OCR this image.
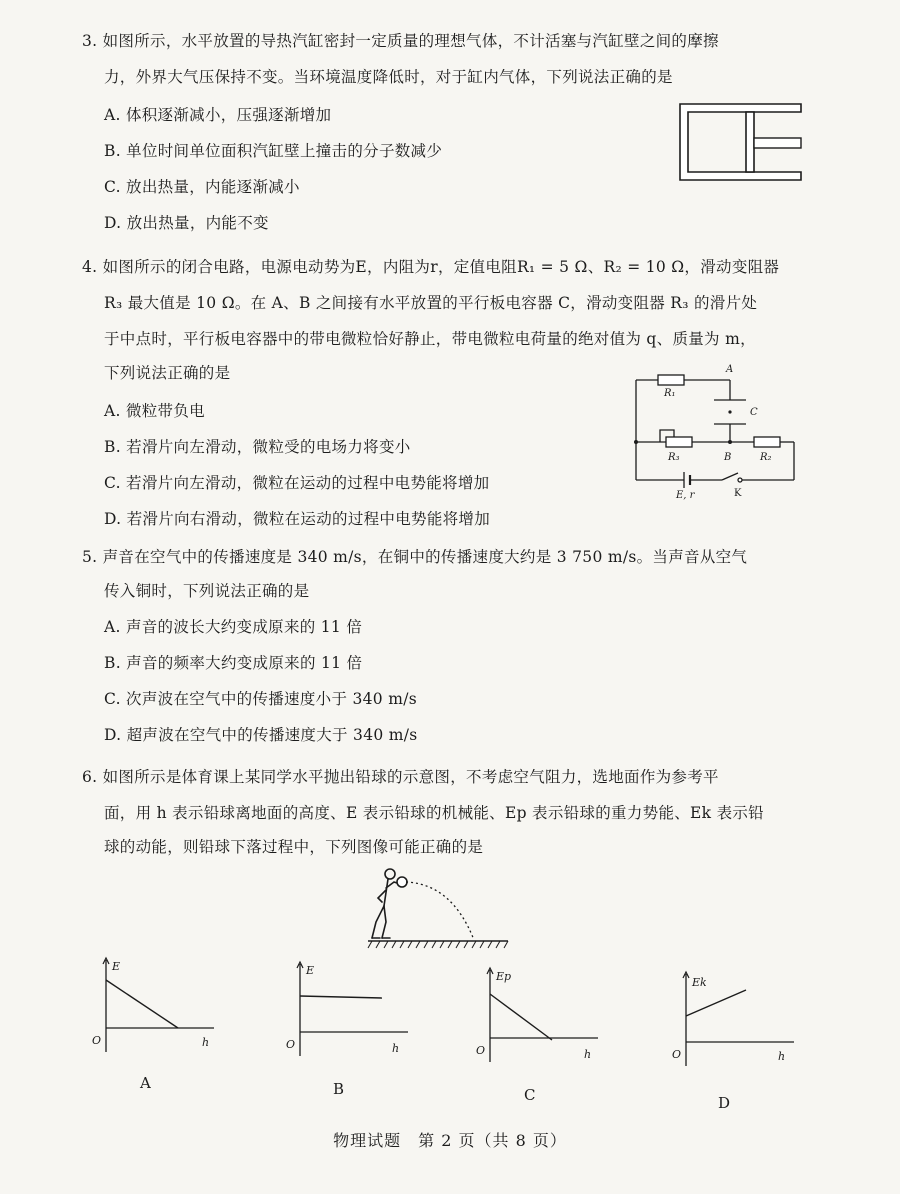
3. 如图所示，水平放置的导热汽缸密封一定质量的理想气体，不计活塞与汽缸壁之间的摩擦
力，外界大气压保持不变。当环境温度降低时，对于缸内气体，下列说法正确的是
A. 体积逐渐减小，压强逐渐增加
B. 单位时间单位面积汽缸壁上撞击的分子数减少
C. 放出热量，内能逐渐减小
D. 放出热量，内能不变
4. 如图所示的闭合电路，电源电动势为E，内阻为r，定值电阻R₁ = 5 Ω、R₂ = 10 Ω，滑动变阻器
R₃ 最大值是 10 Ω。在 A、B 之间接有水平放置的平行板电容器 C，滑动变阻器 R₃ 的滑片处
于中点时，平行板电容器中的带电微粒恰好静止，带电微粒电荷量的绝对值为 q、质量为 m，
下列说法正确的是
A. 微粒带负电
B. 若滑片向左滑动，微粒受的电场力将变小
C. 若滑片向左滑动，微粒在运动的过程中电势能将增加
D. 若滑片向右滑动，微粒在运动的过程中电势能将增加
A
R₁
C
R₃	B	R₂
E, r	K
5. 声音在空气中的传播速度是 340 m/s，在铜中的传播速度大约是 3 750 m/s。当声音从空气
传入铜时，下列说法正确的是
A. 声音的波长大约变成原来的 11 倍
B. 声音的频率大约变成原来的 11 倍
C. 次声波在空气中的传播速度小于 340 m/s
D. 超声波在空气中的传播速度大于 340 m/s
6. 如图所示是体育课上某同学水平抛出铅球的示意图，不考虑空气阻力，选地面作为参考平
面，用 h 表示铅球离地面的高度、E 表示铅球的机械能、Ep 表示铅球的重力势能、Ek 表示铅
球的动能，则铅球下落过程中，下列图像可能正确的是
E
O	h
A
E
O	h
B
Ep
O	h
C
Ek
O	h
D
物理试题　第 2 页（共 8 页）
